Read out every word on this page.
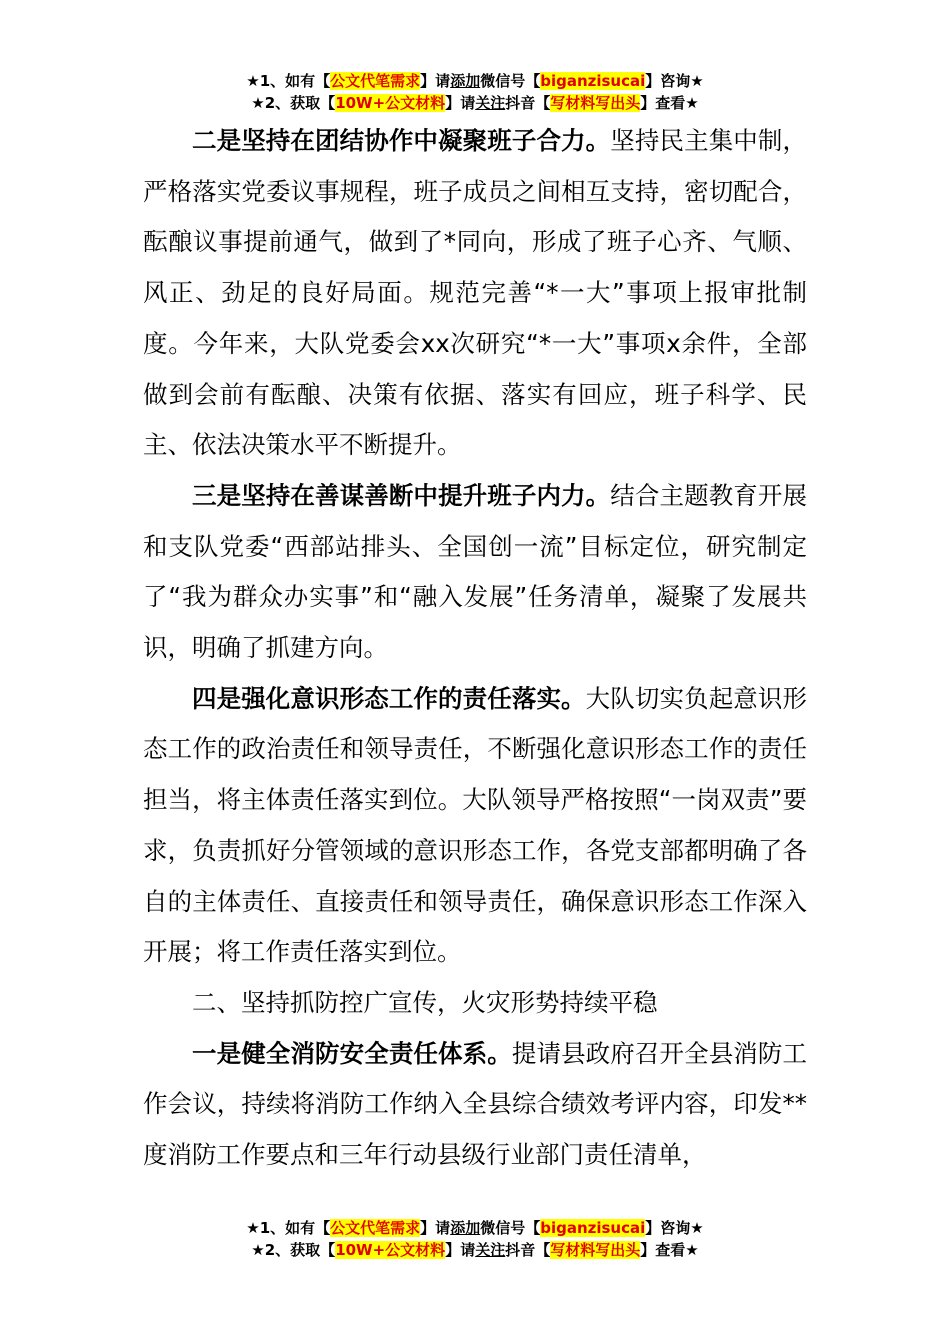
★1、如有【公文代笔需求】请添加微信号【biganzisucai】咨询★
★2、获取【10W+公文材料】请关注抖音【写材料写出头】查看★

二是坚持在团结协作中凝聚班子合力。坚持民主集中制，严格落实党委议事规程，班子成员之间相互支持，密切配合，酝酿议事提前通气，做到了*同向，形成了班子心齐、气顺、风正、劲足的良好局面。规范完善“*一大”事项上报审批制度。今年来，大队党委会xx次研究“*一大”事项x余件，全部做到会前有酝酿、决策有依据、落实有回应，班子科学、民主、依法决策水平不断提升。

三是坚持在善谋善断中提升班子内力。结合主题教育开展和支队党委“西部站排头、全国创一流”目标定位，研究制定了“我为群众办实事”和“融入发展”任务清单，凝聚了发展共识，明确了抓建方向。

四是强化意识形态工作的责任落实。大队切实负起意识形态工作的政治责任和领导责任，不断强化意识形态工作的责任担当，将主体责任落实到位。大队领导严格按照“一岗双责”要求，负责抓好分管领域的意识形态工作，各党支部都明确了各自的主体责任、直接责任和领导责任，确保意识形态工作深入开展；将工作责任落实到位。

二、坚持抓防控广宣传，火灾形势持续平稳

一是健全消防安全责任体系。提请县政府召开全县消防工作会议，持续将消防工作纳入全县综合绩效考评内容，印发**度消防工作要点和三年行动县级行业部门责任清单，

★1、如有【公文代笔需求】请添加微信号【biganzisucai】咨询★
★2、获取【10W+公文材料】请关注抖音【写材料写出头】查看★
